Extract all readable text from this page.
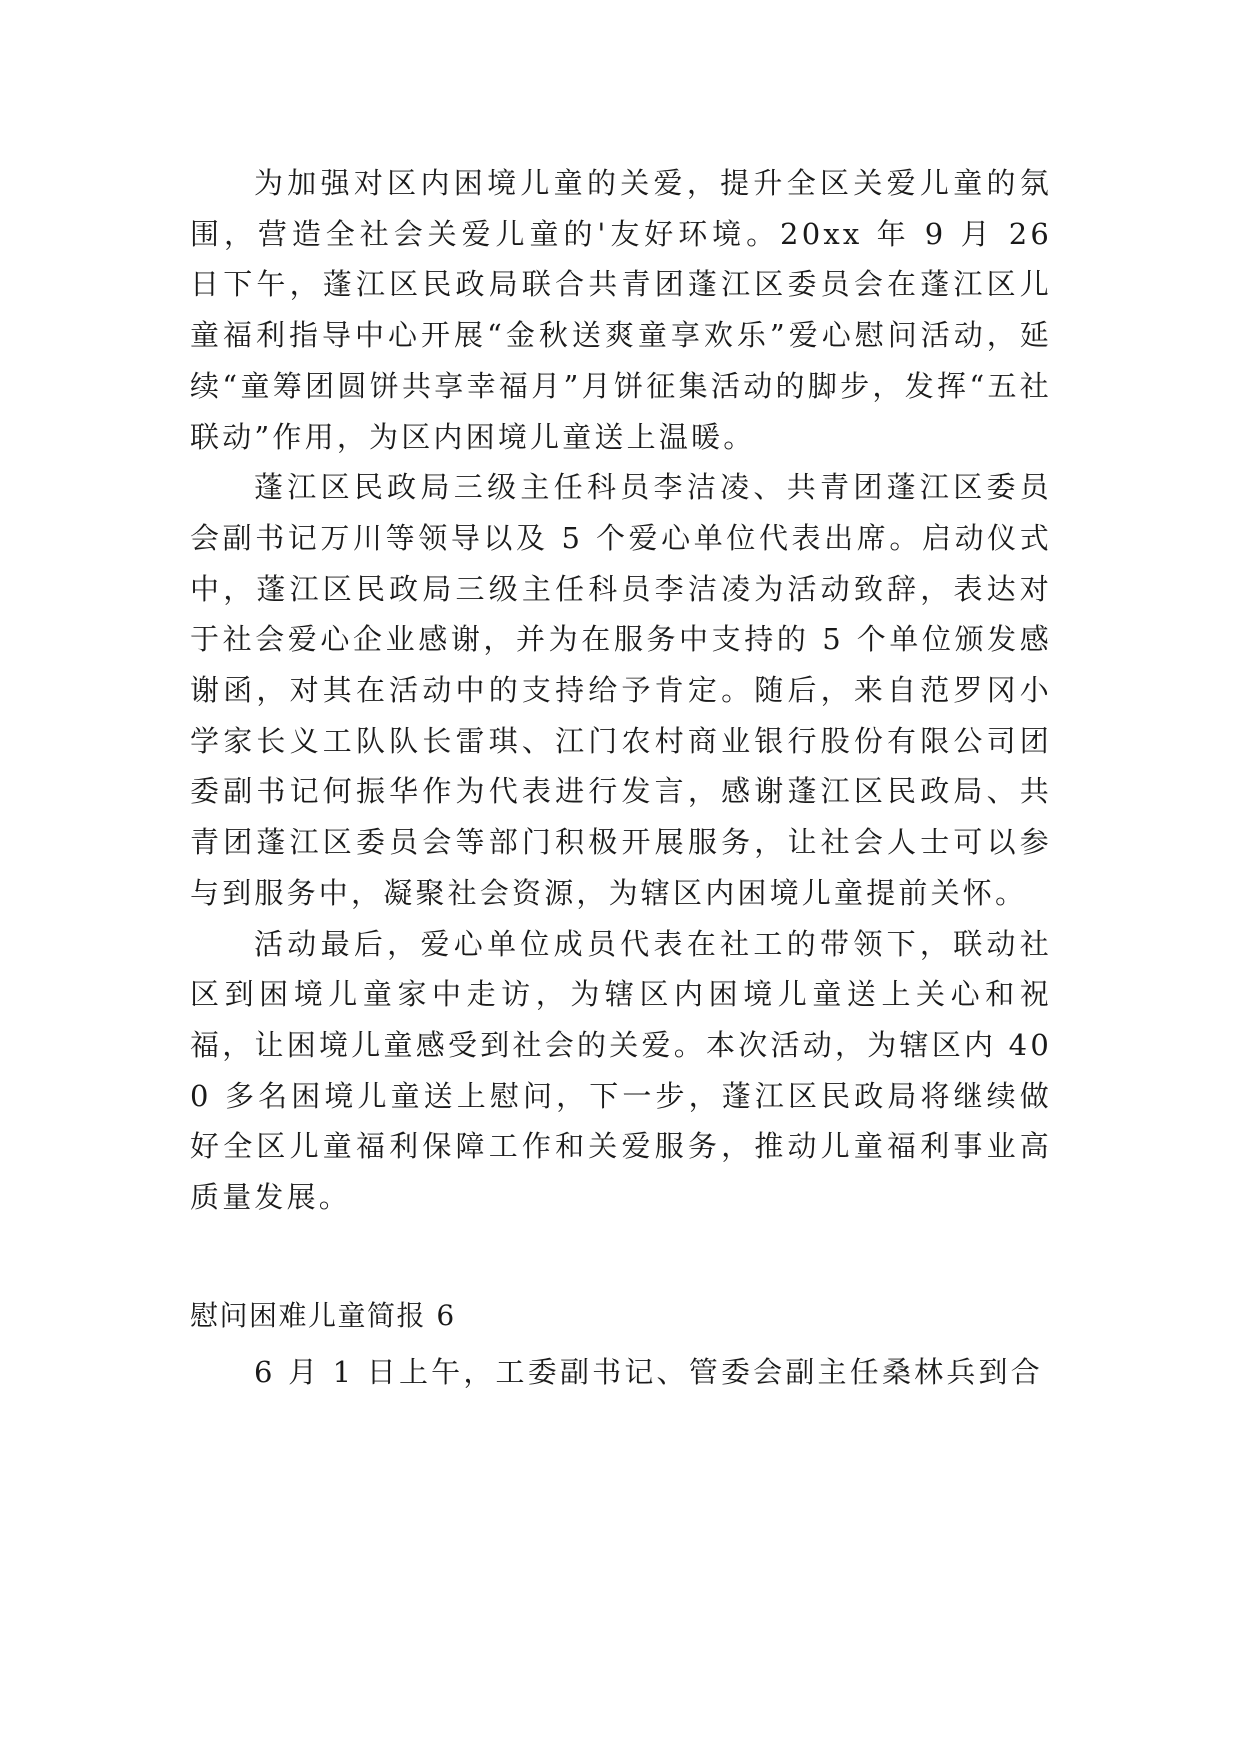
为加强对区内困境儿童的关爱，提升全区关爱儿童的氛围，营造全社会关爱儿童的'友好环境。20xx 年 9 月 26 日下午，蓬江区民政局联合共青团蓬江区委员会在蓬江区儿童福利指导中心开展“金秋送爽童享欢乐”爱心慰问活动，延续“童筹团圆饼共享幸福月”月饼征集活动的脚步，发挥“五社联动”作用，为区内困境儿童送上温暖。

蓬江区民政局三级主任科员李洁凌、共青团蓬江区委员会副书记万川等领导以及 5 个爱心单位代表出席。启动仪式中，蓬江区民政局三级主任科员李洁凌为活动致辞，表达对于社会爱心企业感谢，并为在服务中支持的 5 个单位颁发感谢函，对其在活动中的支持给予肯定。随后，来自范罗冈小学家长义工队队长雷琪、江门农村商业银行股份有限公司团委副书记何振华作为代表进行发言，感谢蓬江区民政局、共青团蓬江区委员会等部门积极开展服务，让社会人士可以参与到服务中，凝聚社会资源，为辖区内困境儿童提前关怀。

活动最后，爱心单位成员代表在社工的带领下，联动社区到困境儿童家中走访，为辖区内困境儿童送上关心和祝福，让困境儿童感受到社会的关爱。本次活动，为辖区内 400 多名困境儿童送上慰问，下一步，蓬江区民政局将继续做好全区儿童福利保障工作和关爱服务，推动儿童福利事业高质量发展。

慰问困难儿童简报 6

6 月 1 日上午，工委副书记、管委会副主任桑林兵到合
